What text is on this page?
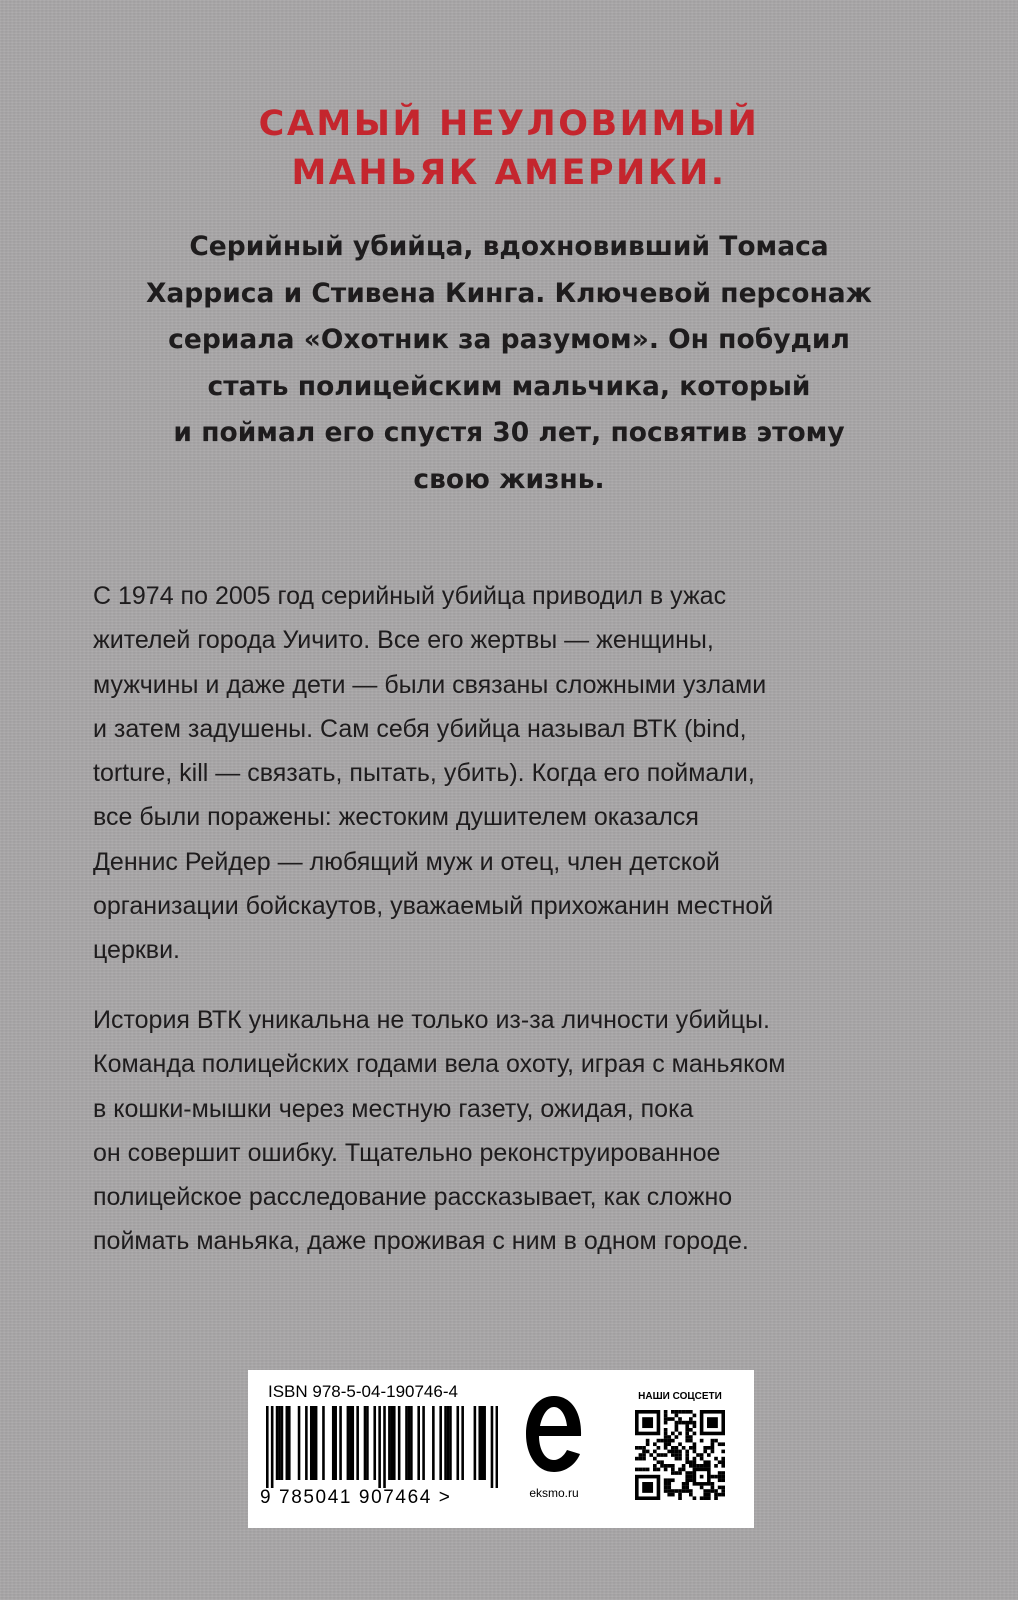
САМЫЙ НЕУЛОВИМЫЙ
МАНЬЯК АМЕРИКИ.
Серийный убийца, вдохновивший Томаса
Харриса и Стивена Кинга. Ключевой персонаж
сериала «Охотник за разумом». Он побудил
стать полицейским мальчика, который
и поймал его спустя 30 лет, посвятив этому
свою жизнь.
С 1974 по 2005 год серийный убийца приводил в ужас
жителей города Уичито. Все его жертвы — женщины,
мужчины и даже дети — были связаны сложными узлами
и затем задушены. Сам себя убийца называл ВТК (bind,
torture, kill — связать, пытать, убить). Когда его поймали,
все были поражены: жестоким душителем оказался
Деннис Рейдер — любящий муж и отец, член детской
организации бойскаутов, уважаемый прихожанин местной
церкви.
История ВТК уникальна не только из-за личности убийцы.
Команда полицейских годами вела охоту, играя с маньяком
в кошки-мышки через местную газету, ожидая, пока
он совершит ошибку. Тщательно реконструированное
полицейское расследование рассказывает, как сложно
поймать маньяка, даже проживая с ним в одном городе.
ISBN 978-5-04-190746-4
9 785041 907464 >	eksmo.ru
НАШИ СОЦСЕТИ
